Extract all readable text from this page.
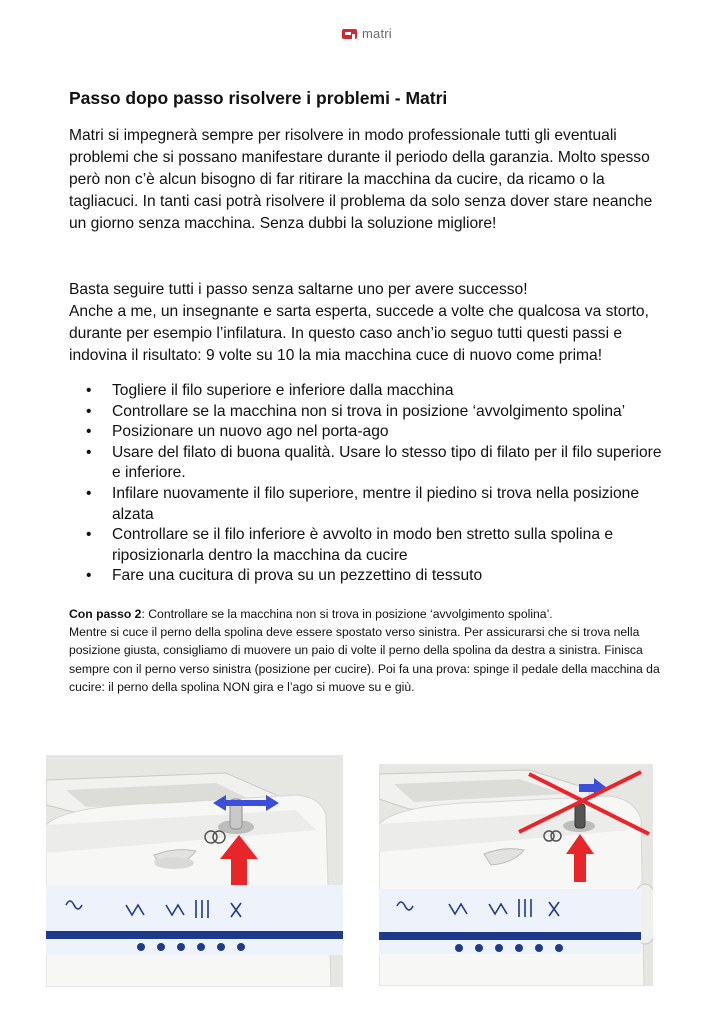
matri
Passo dopo passo risolvere i problemi - Matri

Matri si impegnerà sempre per risolvere in modo professionale tutti gli eventuali problemi che si possano manifestare durante il periodo della garanzia. Molto spesso però non c’è alcun bisogno di far ritirare la macchina da cucire, da ricamo o la tagliacuci. In tanti casi potrà risolvere il problema da solo senza dover stare neanche un giorno senza macchina. Senza dubbi la soluzione migliore!

Basta seguire tutti i passo senza saltarne uno per avere successo!
Anche a me, un insegnante e sarta esperta, succede a volte che qualcosa va storto, durante per esempio l’infilatura. In questo caso anch’io seguo tutti questi passi e indovina il risultato: 9 volte su 10 la mia macchina cuce di nuovo come prima!

• Togliere il filo superiore e inferiore dalla macchina
• Controllare se la macchina non si trova in posizione ‘avvolgimento spolina’
• Posizionare un nuovo ago nel porta-ago
• Usare del filato di buona qualità. Usare lo stesso tipo di filato per il filo superiore e inferiore.
• Infilare nuovamente il filo superiore, mentre il piedino si trova nella posizione alzata
• Controllare se il filo inferiore è avvolto in modo ben stretto sulla spolina e riposizionarla dentro la macchina da cucire
• Fare una cucitura di prova su un pezzettino di tessuto

Con passo 2: Controllare se la macchina non si trova in posizione ‘avvolgimento spolina’.
Mentre si cuce il perno della spolina deve essere spostato verso sinistra. Per assicurarsi che si trova nella posizione giusta, consigliamo di muovere un paio di volte il perno della spolina da destra a sinistra. Finisca sempre con il perno verso sinistra (posizione per cucire). Poi fa una prova: spinge il pedale della macchina da cucire: il perno della spolina NON gira e l’ago si muove su e giù.
